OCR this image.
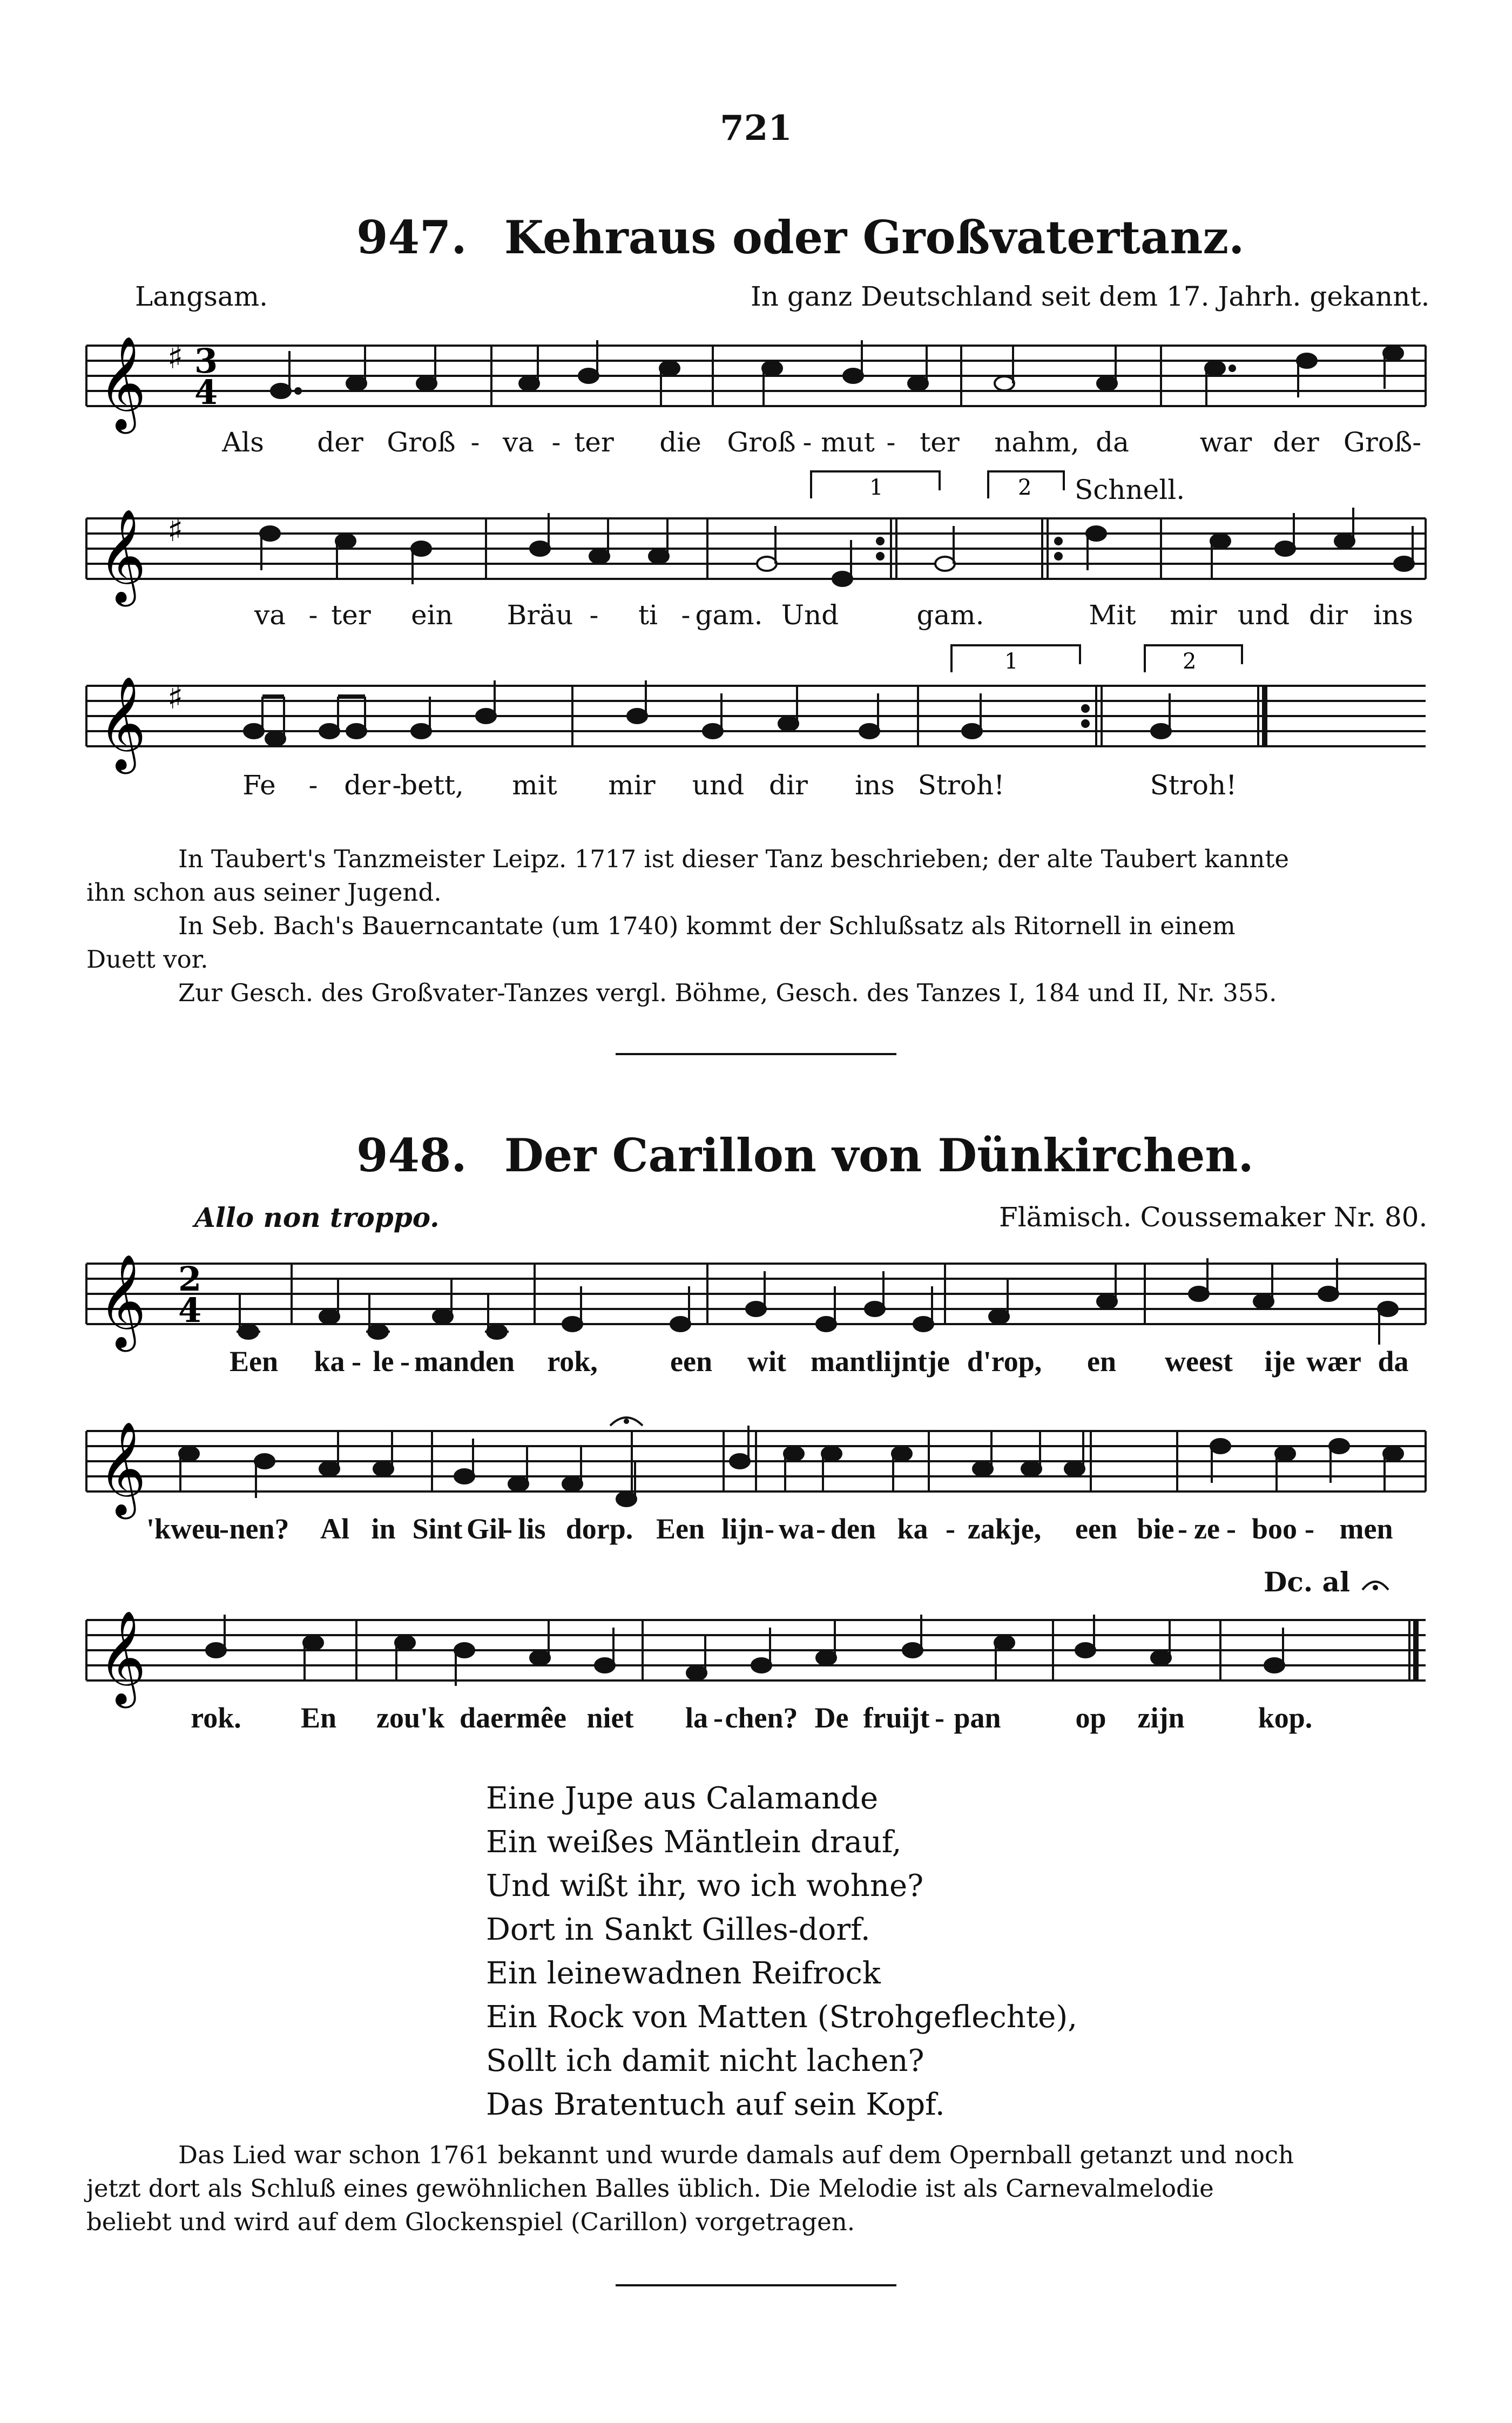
721
947. Kehraus oder Großvatertanz.
Langsam.	In ganz Deutschland seit dem 17. Jahrh. gekannt.
𝄞 ♯ 3
4
Als der Groß - va - ter die Groß - mut - ter nahm, da	war der Groß-
1	2 Schnell.
𝄞 ♯
va - ter ein Bräu - ti - gam. Und	gam.	Mit mir und dir ins
1	2
𝄞 ♯
Fe - der -
bett, mit mir und dir ins Stroh!	Stroh!
In Taubert's Tanzmeister Leipz. 1717 ist dieser Tanz beschrieben; der alte Taubert kannte
ihn schon aus seiner Jugend.
In Seb. Bach's Bauerncantate (um 1740) kommt der Schlußsatz als Ritornell in einem
Duett vor.
Zur Gesch. des Großvater-Tanzes vergl. Böhme, Gesch. des Tanzes I, 184 und II, Nr. 355.
948. Der Carillon von Dünkirchen.
Allo non troppo.	Flämisch. Coussemaker Nr. 80.
𝄞 2
4
Een ka - le - manden rok, een wit mantlijntje d'rop, en weest ije wær da
𝄞
'kweu
- nen? Al in Sint Gil
- lis dorp. Een lijn - wa - den ka - zakje, een bie - ze - boo - men
Dc. al
𝄞
rok. En zou'k daermêe niet la - chen? De fruijt - pan	op zijn	kop.
Eine Jupe aus Calamande
Ein weißes Mäntlein drauf,
Und wißt ihr, wo ich wohne?
Dort in Sankt Gilles-dorf.
Ein leinewadnen Reifrock
Ein Rock von Matten (Strohgeflechte),
Sollt ich damit nicht lachen?
Das Bratentuch auf sein Kopf.
Das Lied war schon 1761 bekannt und wurde damals auf dem Opernball getanzt und noch
jetzt dort als Schluß eines gewöhnlichen Balles üblich. Die Melodie ist als Carnevalmelodie
beliebt und wird auf dem Glockenspiel (Carillon) vorgetragen.
